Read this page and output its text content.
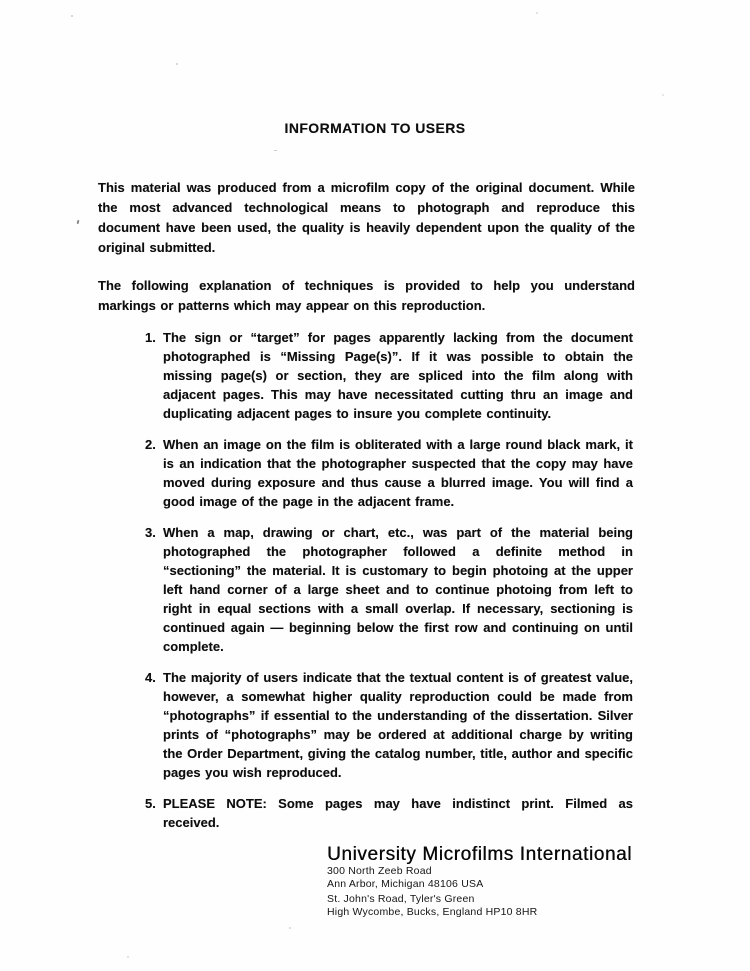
INFORMATION TO USERS

This material was produced from a microfilm copy of the original document. While the most advanced technological means to photograph and reproduce this document have been used, the quality is heavily dependent upon the quality of the original submitted.

The following explanation of techniques is provided to help you understand markings or patterns which may appear on this reproduction.

1. The sign or “target” for pages apparently lacking from the document photographed is “Missing Page(s)”. If it was possible to obtain the missing page(s) or section, they are spliced into the film along with adjacent pages. This may have necessitated cutting thru an image and duplicating adjacent pages to insure you complete continuity.
2. When an image on the film is obliterated with a large round black mark, it is an indication that the photographer suspected that the copy may have moved during exposure and thus cause a blurred image. You will find a good image of the page in the adjacent frame.
3. When a map, drawing or chart, etc., was part of the material being photographed the photographer followed a definite method in “sectioning” the material. It is customary to begin photoing at the upper left hand corner of a large sheet and to continue photoing from left to right in equal sections with a small overlap. If necessary, sectioning is continued again — beginning below the first row and continuing on until complete.
4. The majority of users indicate that the textual content is of greatest value, however, a somewhat higher quality reproduction could be made from “photographs” if essential to the understanding of the dissertation. Silver prints of “photographs” may be ordered at additional charge by writing the Order Department, giving the catalog number, title, author and specific pages you wish reproduced.
5. PLEASE NOTE: Some pages may have indistinct print. Filmed as received.
University Microfilms International
300 North Zeeb Road
Ann Arbor, Michigan 48106 USA
St. John's Road, Tyler's Green
High Wycombe, Bucks, England HP10 8HR
